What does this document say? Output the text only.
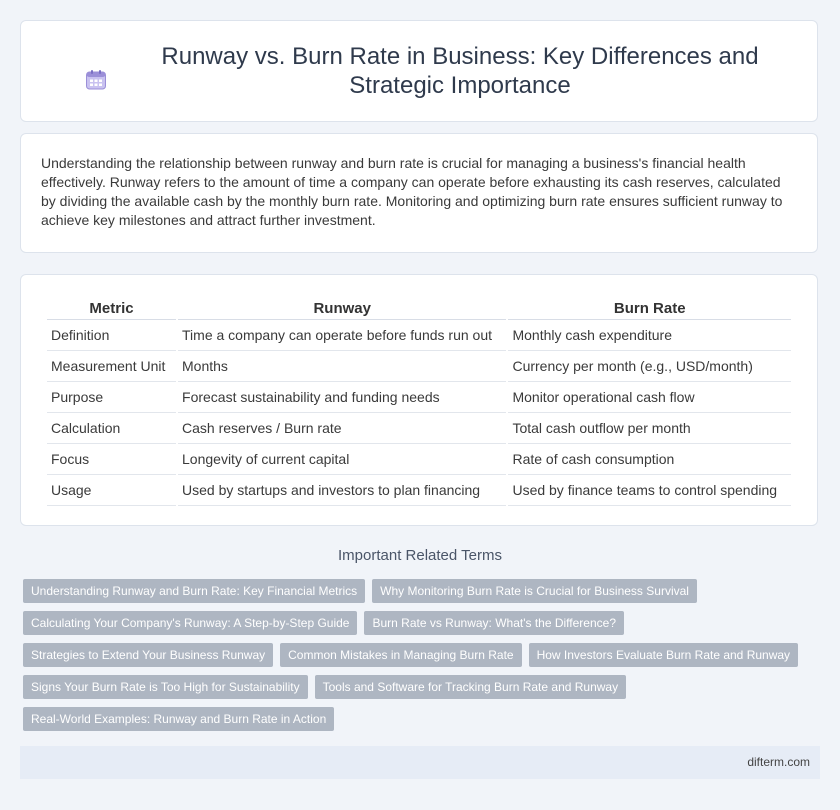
Runway vs. Burn Rate in Business: Key Differences and Strategic Importance

Understanding the relationship between runway and burn rate is crucial for managing a business's financial health effectively. Runway refers to the amount of time a company can operate before exhausting its cash reserves, calculated by dividing the available cash by the monthly burn rate. Monitoring and optimizing burn rate ensures sufficient runway to achieve key milestones and attract further investment.

Metric	Runway	Burn Rate
Definition	Time a company can operate before funds run out	Monthly cash expenditure
Measurement Unit	Months	Currency per month (e.g., USD/month)
Purpose	Forecast sustainability and funding needs	Monitor operational cash flow
Calculation	Cash reserves / Burn rate	Total cash outflow per month
Focus	Longevity of current capital	Rate of cash consumption
Usage	Used by startups and investors to plan financing	Used by finance teams to control spending
Important Related Terms
Understanding Runway and Burn Rate: Key Financial Metrics	Why Monitoring Burn Rate is Crucial for Business Survival
Calculating Your Company's Runway: A Step-by-Step Guide	Burn Rate vs Runway: What's the Difference?
Strategies to Extend Your Business Runway	Common Mistakes in Managing Burn Rate	How Investors Evaluate Burn Rate and Runway
Signs Your Burn Rate is Too High for Sustainability	Tools and Software for Tracking Burn Rate and Runway
Real-World Examples: Runway and Burn Rate in Action
difterm.com
